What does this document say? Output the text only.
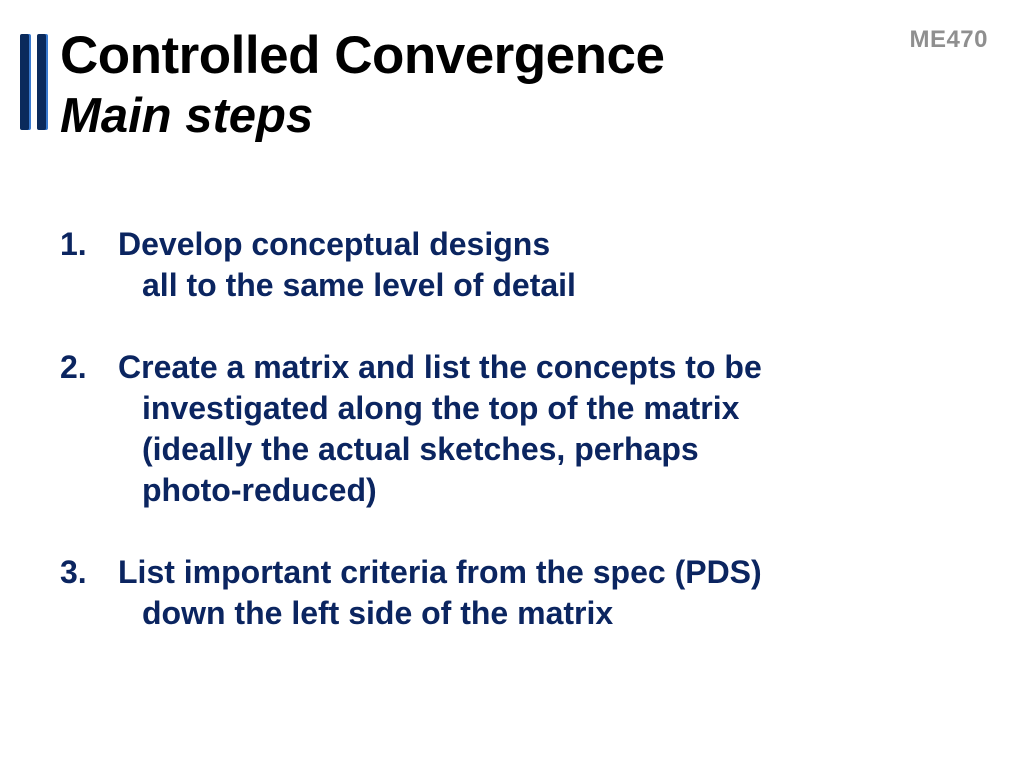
ME470
Controlled Convergence
Main steps
1. Develop conceptual designs
all to the same level of detail
2. Create a matrix and list the concepts to be
investigated along the top of the matrix
(ideally the actual sketches, perhaps
photo-reduced)
3. List important criteria from the spec (PDS)
down the left side of the matrix
